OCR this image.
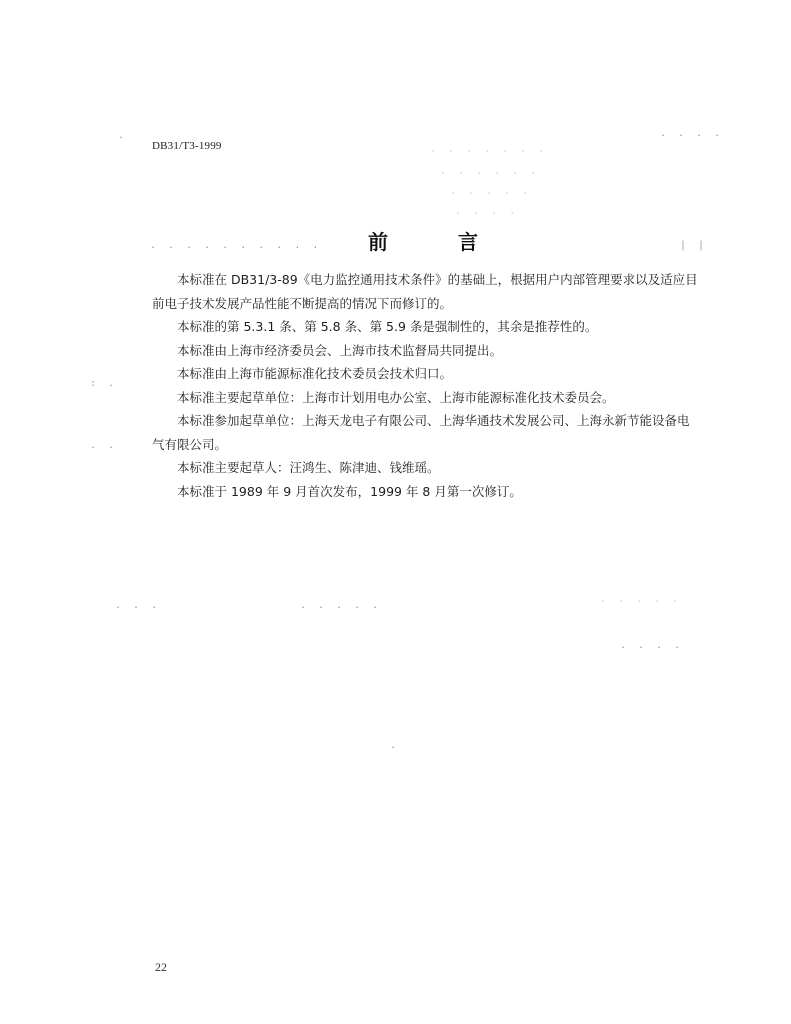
.	. . . .
˙ ˙ ˙ ˙ ˙ ˙ ˙
˙ ˙ ˙ ˙ ˙ ˙
˙ ˙ ˙ ˙ ˙
˙ ˙ ˙ ˙
. . . . . . . . . .	| |
: .
. .
. . .	. . . . .	˙ ˙ ˙ ˙ ˙
. . . .
.
DB31/T3-1999
前	言

本标准在 DB31/3-89《电力监控通用技术条件》的基础上，根据用户内部管理要求以及适应目前电子技术发展产品性能不断提高的情况下而修订的。

本标准的第 5.3.1 条、第 5.8 条、第 5.9 条是强制性的，其余是推荐性的。

本标准由上海市经济委员会、上海市技术监督局共同提出。

本标准由上海市能源标准化技术委员会技术归口。

本标准主要起草单位：上海市计划用电办公室、上海市能源标准化技术委员会。

本标准参加起草单位：上海天龙电子有限公司、上海华通技术发展公司、上海永新节能设备电气有限公司。

本标准主要起草人：汪鸿生、陈津迪、钱维瑶。

本标准于 1989 年 9 月首次发布，1999 年 8 月第一次修订。

22
